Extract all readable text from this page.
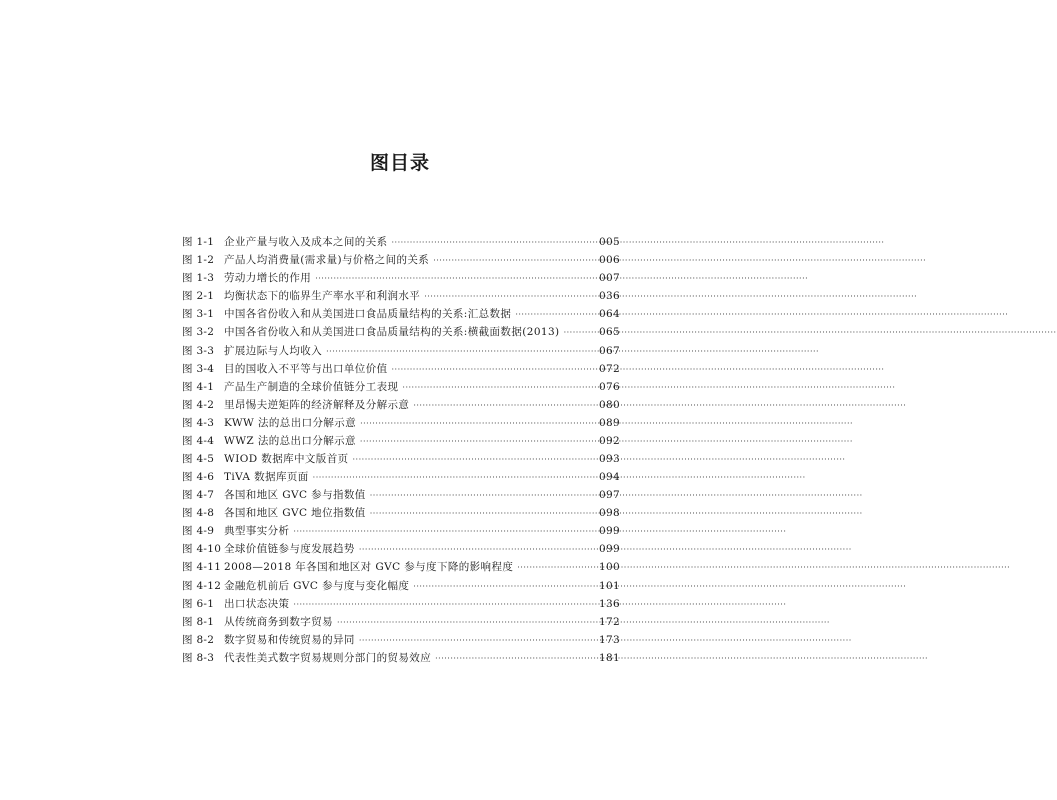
图目录
图 1-1 企业产量与收入及成本之间的关系 ·····	005
图 1-2 产品人均消费量(需求量)与价格之间的关系 ·····	006
图 1-3 劳动力增长的作用 ·····	007
图 2-1 均衡状态下的临界生产率水平和利润水平 ·····	036
图 3-1 中国各省份收入和从美国进口食品质量结构的关系:汇总数据 ·····	064
图 3-2 中国各省份收入和从美国进口食品质量结构的关系:横截面数据(2013) ·····	065
图 3-3 扩展边际与人均收入 ·····	067
图 3-4 目的国收入不平等与出口单位价值 ·····	072
图 4-1 产品生产制造的全球价值链分工表现 ·····	076
图 4-2 里昂惕夫逆矩阵的经济解释及分解示意 ·····	080
图 4-3 KWW 法的总出口分解示意 ·····	089
图 4-4 WWZ 法的总出口分解示意 ·····	092
图 4-5 WIOD 数据库中文版首页 ·····	093
图 4-6 TiVA 数据库页面 ·····	094
图 4-7 各国和地区 GVC 参与指数值 ·····	097
图 4-8 各国和地区 GVC 地位指数值 ·····	098
图 4-9 典型事实分析 ·····	099
图 4-10 全球价值链参与度发展趋势 ·····	099
图 4-11 2008—2018 年各国和地区对 GVC 参与度下降的影响程度 ·····	100
图 4-12 金融危机前后 GVC 参与度与变化幅度 ·····	101
图 6-1 出口状态决策 ·····	136
图 8-1 从传统商务到数字贸易 ·····	172
图 8-2 数字贸易和传统贸易的异同 ·····	173
图 8-3 代表性美式数字贸易规则分部门的贸易效应 ·····	181
